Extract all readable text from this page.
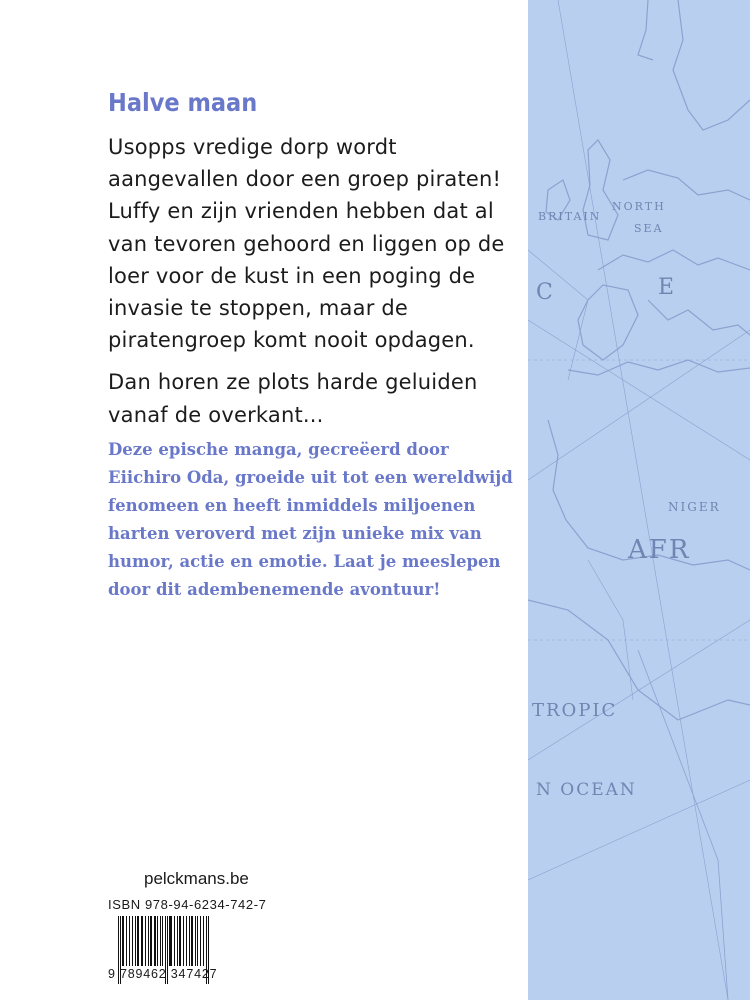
BRITAIN
NORTH
SEA
C	E
NIGER
AFR
TROPIC
N OCEAN
Halve maan

Usopps vredige dorp wordt aangevallen door een groep piraten! Luffy en zijn vrienden hebben dat al van tevoren gehoord en liggen op de loer voor de kust in een poging de invasie te stoppen, maar de piratengroep komt nooit opdagen.

Dan horen ze plots harde geluiden vanaf de overkant...

Deze epische manga, gecreëerd door Eiichiro Oda, groeide uit tot een wereldwijd fenomeen en heeft inmiddels miljoenen harten veroverd met zijn unieke mix van humor, actie en emotie. Laat je meeslepen door dit adembenemende avontuur!

pelckmans.be
ISBN 978-94-6234-742-7
9 789462 347427
